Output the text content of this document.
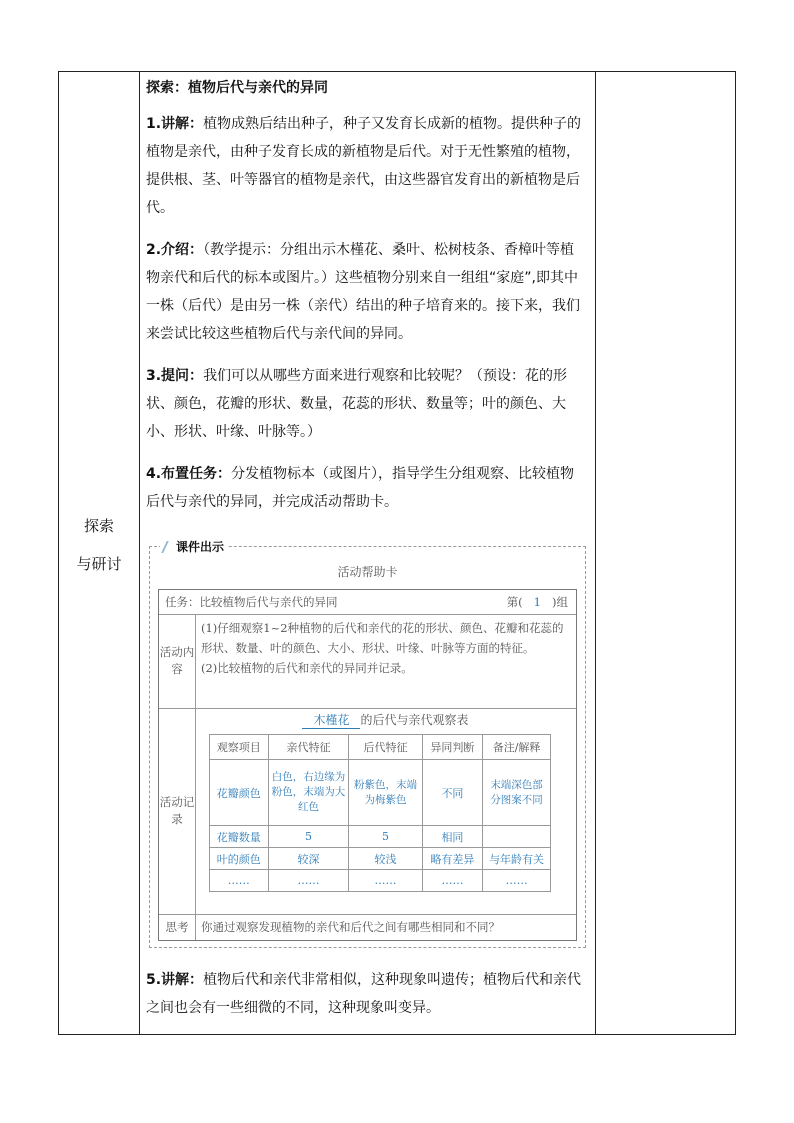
探索
与研讨
探索：植物后代与亲代的异同
1.讲解：植物成熟后结出种子，种子又发育长成新的植物。提供种子的植物是亲代，由种子发育长成的新植物是后代。对于无性繁殖的植物，提供根、茎、叶等器官的植物是亲代，由这些器官发育出的新植物是后代。
2.介绍：（教学提示：分组出示木槿花、桑叶、松树枝条、香樟叶等植物亲代和后代的标本或图片。）这些植物分别来自一组组“家庭”,即其中一株（后代）是由另一株（亲代）结出的种子培育来的。接下来，我们来尝试比较这些植物后代与亲代间的异同。
3.提问：我们可以从哪些方面来进行观察和比较呢？（预设：花的形状、颜色，花瓣的形状、数量，花蕊的形状、数量等；叶的颜色、大小、形状、叶缘、叶脉等。）
4.布置任务：分发植物标本（或图片），指导学生分组观察、比较植物后代与亲代的异同，并完成活动帮助卡。
课件出示
活动帮助卡
任务：比较植物后代与亲代的异同	第( 1 )组
活动内容
(1)仔细观察1~2种植物的后代和亲代的花的形状、颜色、花瓣和花蕊的形状、数量、叶的颜色、大小、形状、叶缘、叶脉等方面的特征。
(2)比较植物的后代和亲代的异同并记录。
活动记录
木槿花 的后代与亲代观察表
观察项目	亲代特征	后代特征	异同判断	备注/解释
花瓣颜色	白色，右边缘为粉色，末端为大红色	粉紫色，末端为梅紫色	不同	末端深色部分图案不同
花瓣数量	5	5	相同	
叶的颜色	较深	较浅	略有差异	与年龄有关
……	……	……	……	……
思考	你通过观察发现植物的亲代和后代之间有哪些相同和不同？
5.讲解：植物后代和亲代非常相似，这种现象叫遗传；植物后代和亲代之间也会有一些细微的不同，这种现象叫变异。
